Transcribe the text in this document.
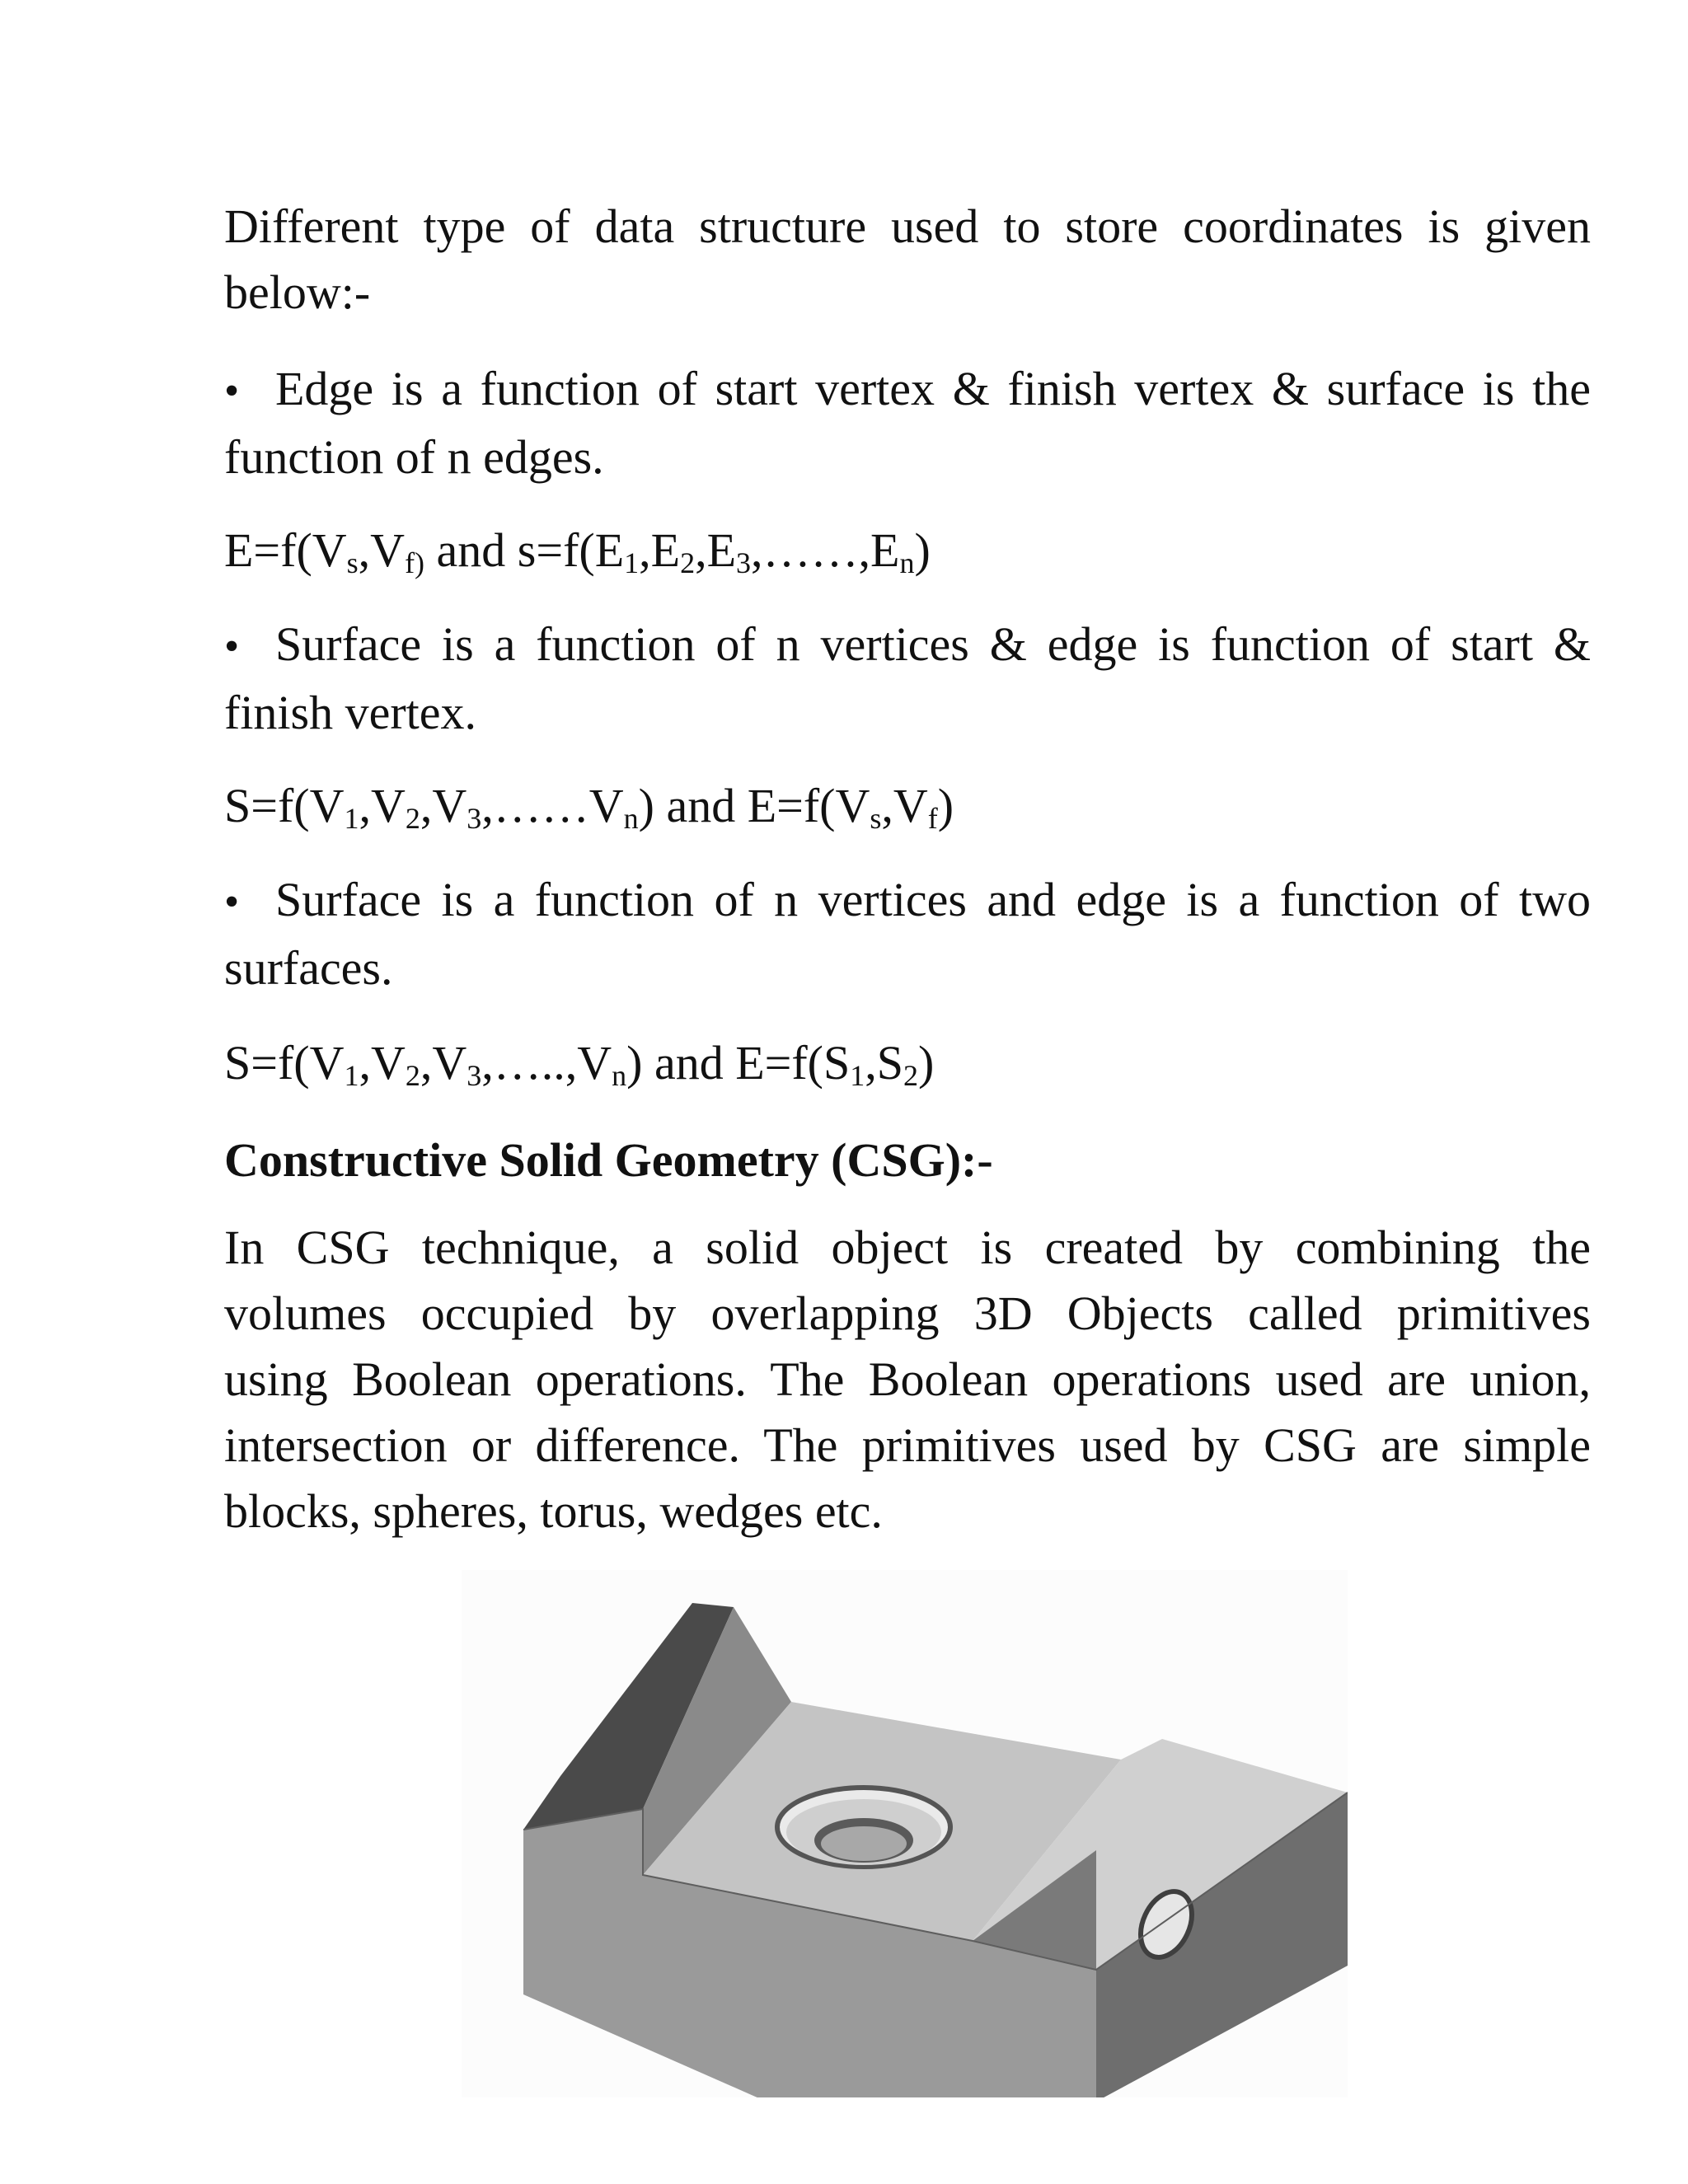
Different type of data structure used to store coordinates is given
below:-

•Edge is a function of start vertex & finish vertex & surface is the
function of n edges.

$E=f(V_s,V_{f)}$ and $s=f(E_1,E_2,E_3,\dots\dots,E_n)$

•Surface is a function of n vertices & edge is function of start &
finish vertex.

$S=f(V_1,V_2,V_3,\dots\dots V_n)$ and $E=f(V_s,V_f)$

•Surface is a function of n vertices and edge is a function of two
surfaces.

$S=f(V_1,V_2,V_3,\dots..,V_n)$ and $E=f(S_1,S_2)$

Constructive Solid Geometry (CSG):-

In CSG technique, a solid object is created by combining the
volumes occupied by overlapping 3D Objects called primitives
using Boolean operations. The Boolean operations used are union,
intersection or difference. The primitives used by CSG are simple
blocks, spheres, torus, wedges etc.
